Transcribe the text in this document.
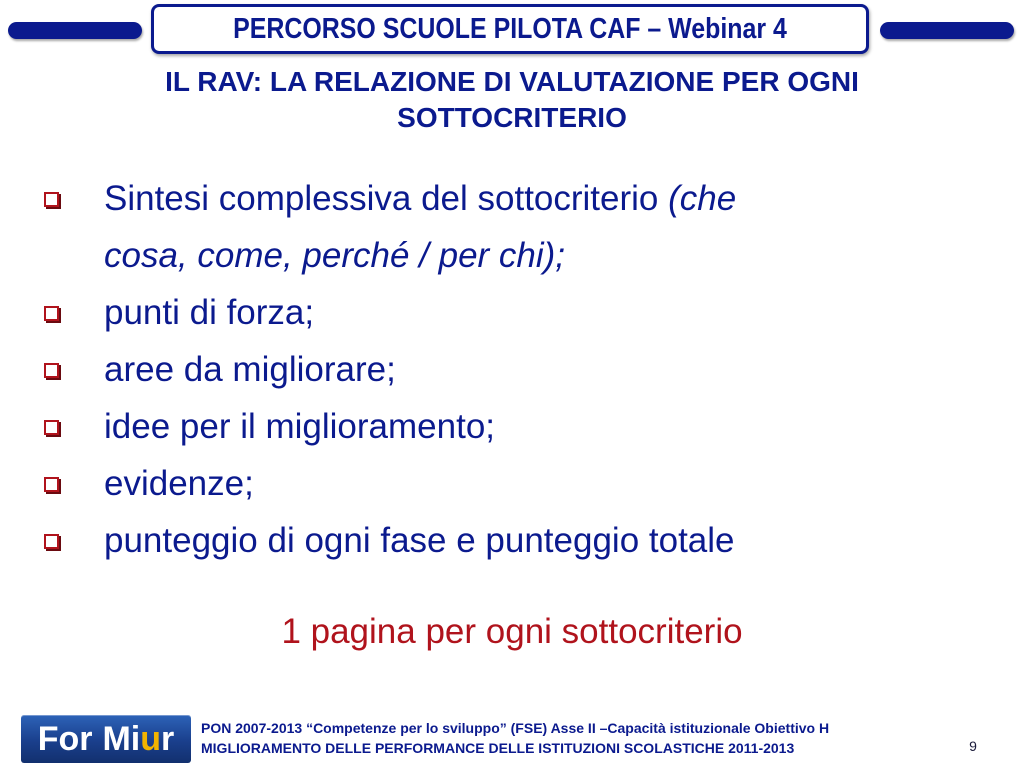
PERCORSO SCUOLE PILOTA CAF – Webinar 4
IL RAV: LA RELAZIONE DI VALUTAZIONE PER OGNI
SOTTOCRITERIO
Sintesi complessiva del sottocriterio (che
cosa, come, perché / per chi);
punti di forza;
aree da migliorare;
idee per il miglioramento;
evidenze;
punteggio di ogni fase e punteggio totale

1 pagina per ogni sottocriterio

For Mi u r PON 2007-2013 “Competenze per lo sviluppo” (FSE) Asse II –Capacità istituzionale Obiettivo H
MIGLIORAMENTO DELLE PERFORMANCE DELLE ISTITUZIONI SCOLASTICHE 2011-2013	9
